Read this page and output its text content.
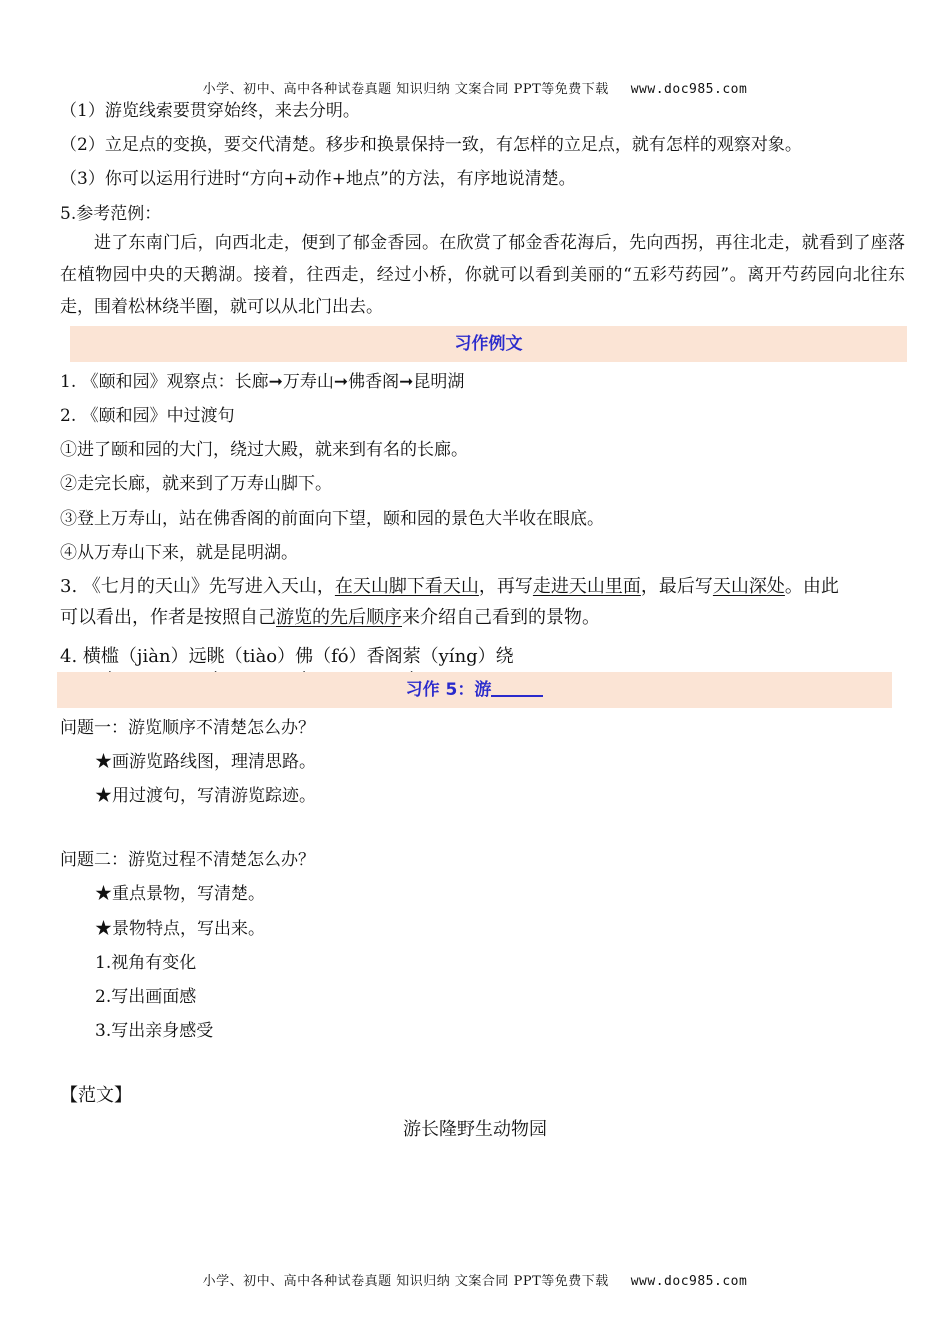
小学、初中、高中各种试卷真题 知识归纳 文案合同 PPT等免费下载 www.doc985.com
（1）游览线索要贯穿始终，来去分明。
（2）立足点的变换，要交代清楚。移步和换景保持一致，有怎样的立足点，就有怎样的观察对象。
（3）你可以运用行进时“方向+动作+地点”的方法，有序地说清楚。
5.参考范例：
进了东南门后，向西北走，便到了郁金香园。在欣赏了郁金香花海后，先向西拐，再往北走，就看到了座落在植物园中央的天鹅湖。接着，往西走，经过小桥，你就可以看到美丽的“五彩芍药园”。离开芍药园向北往东走，围着松林绕半圈，就可以从北门出去。
习作例文
1. 《颐和园》观察点：长廊➞万寿山➞佛香阁➞昆明湖
2. 《颐和园》中过渡句
①进了颐和园的大门，绕过大殿，就来到有名的长廊。
②走完长廊，就来到了万寿山脚下。
③登上万寿山，站在佛香阁的前面向下望，颐和园的景色大半收在眼底。
④从万寿山下来，就是昆明湖。
3. 《七月的天山》先写进入天山，在天山脚下看天山，再写走进天山里面，最后写天山深处。由此
可以看出，作者是按照自己游览的先后顺序来介绍自己看到的景物。
4. 横槛（jiàn）远眺（tiào）佛（fó）香阁萦（yíng）绕
习作 5：游
问题一：游览顺序不清楚怎么办？
★画游览路线图，理清思路。
★用过渡句，写清游览踪迹。
问题二：游览过程不清楚怎么办？
★重点景物，写清楚。
★景物特点，写出来。
1.视角有变化
2.写出画面感
3.写出亲身感受
【范文】
游长隆野生动物园
小学、初中、高中各种试卷真题 知识归纳 文案合同 PPT等免费下载 www.doc985.com
